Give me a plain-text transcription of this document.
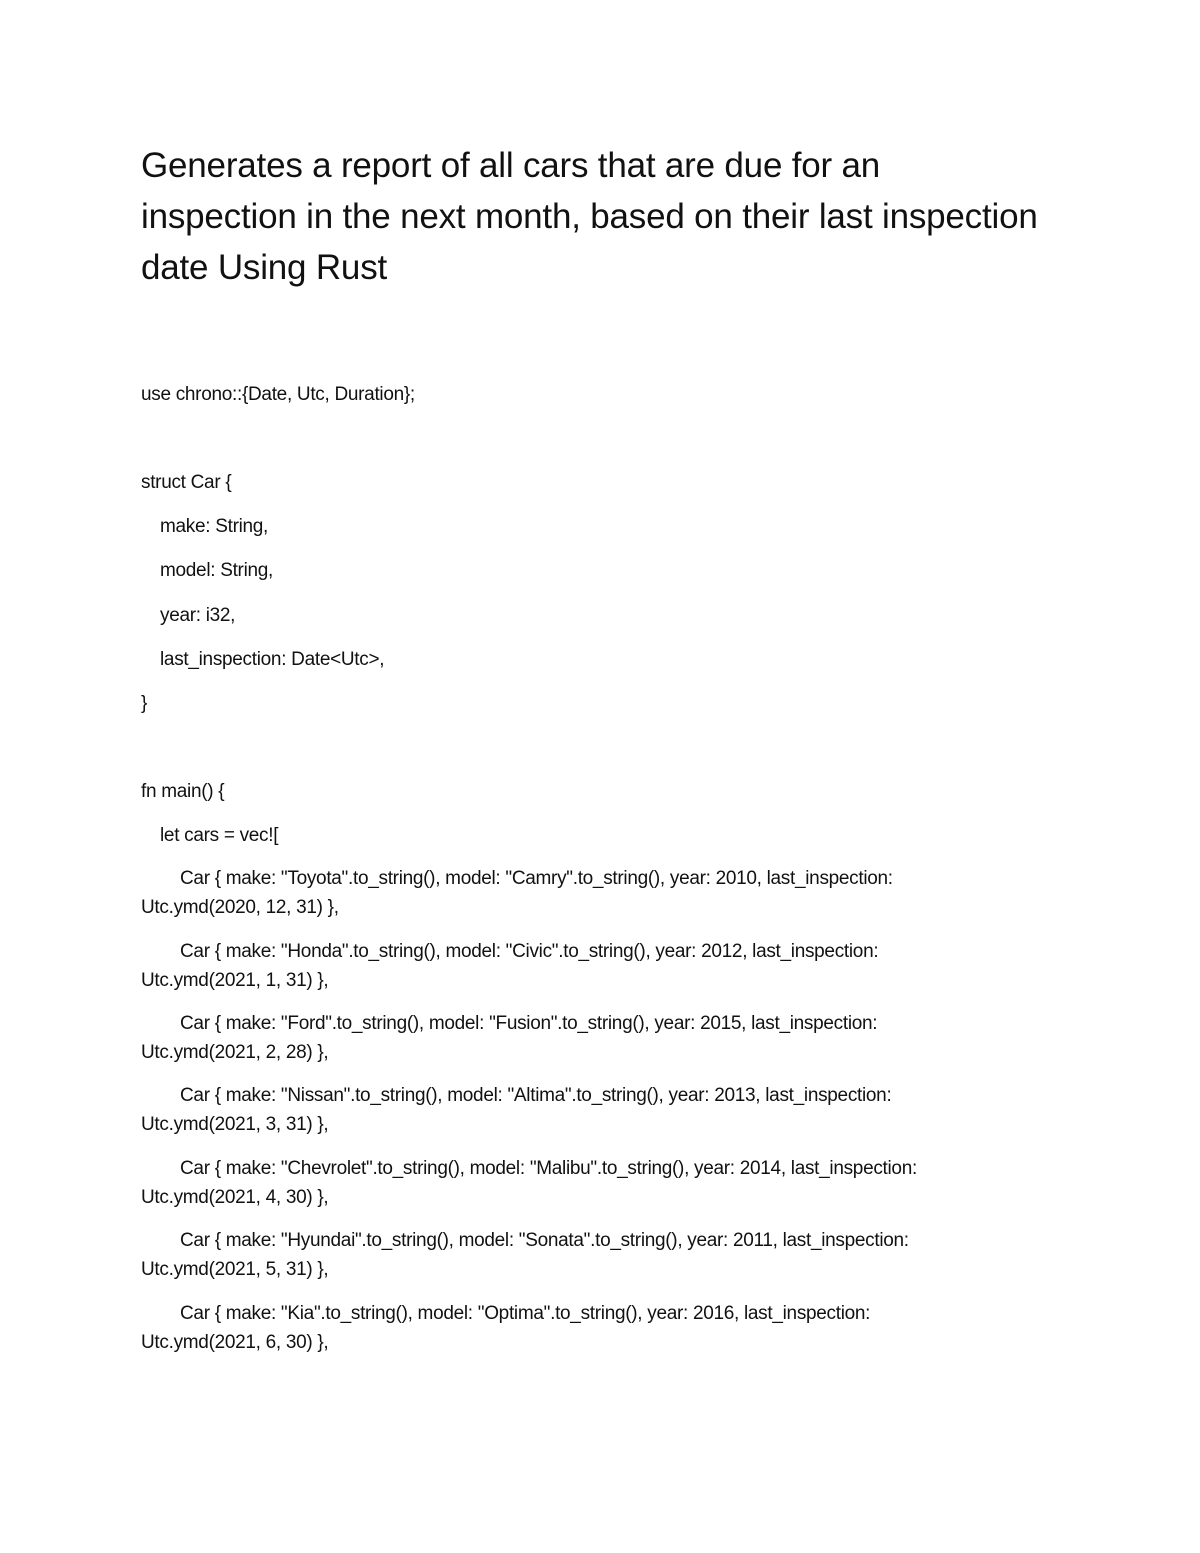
Generates a report of all cars that are due for an inspection in the next month, based on their last inspection date Using Rust

use chrono::{Date, Utc, Duration};

struct Car {

make: String,

model: String,

year: i32,

last_inspection: Date<Utc>,

}

fn main() {

let cars = vec![

Car { make: "Toyota".to_string(), model: "Camry".to_string(), year: 2010, last_inspection:

Utc.ymd(2020, 12, 31) },

Car { make: "Honda".to_string(), model: "Civic".to_string(), year: 2012, last_inspection:

Utc.ymd(2021, 1, 31) },

Car { make: "Ford".to_string(), model: "Fusion".to_string(), year: 2015, last_inspection:

Utc.ymd(2021, 2, 28) },

Car { make: "Nissan".to_string(), model: "Altima".to_string(), year: 2013, last_inspection:

Utc.ymd(2021, 3, 31) },

Car { make: "Chevrolet".to_string(), model: "Malibu".to_string(), year: 2014, last_inspection:

Utc.ymd(2021, 4, 30) },

Car { make: "Hyundai".to_string(), model: "Sonata".to_string(), year: 2011, last_inspection:

Utc.ymd(2021, 5, 31) },

Car { make: "Kia".to_string(), model: "Optima".to_string(), year: 2016, last_inspection:

Utc.ymd(2021, 6, 30) },
